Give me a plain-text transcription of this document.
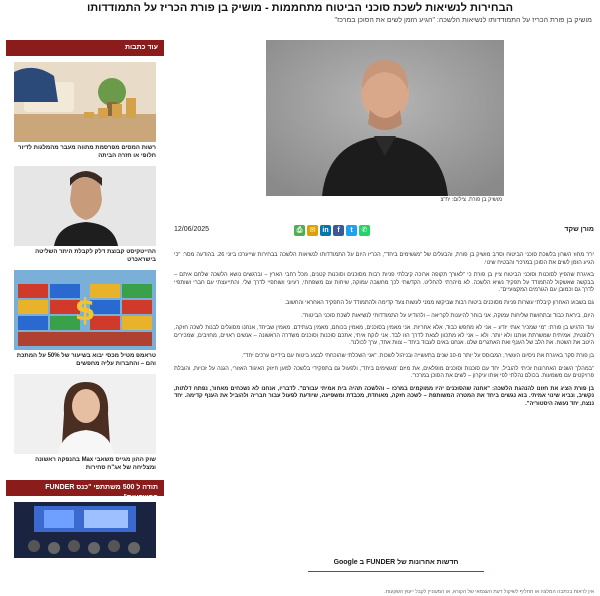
הבחירות לנשיאות לשכת סוכני הביטוח מתחממות - מושיק בן פורת הכריז על התמודדותו
מושיק בן פורת הכריז על התמודדותו לנשיאות הלשכה: "הגיע הזמן לשים את הסוכן במרכז"
עוד כתבות
רשות המסים מפרסמת מתווה מעבר מהמלגות לדיור חלופי או חזרה הביתה
ההייטקיסט קבוצת דלק לקבלת היתר השליטה בישראכרט
$
טראמפ מטיל מכסי יבוא בשיעור של 50% על המתכת והם – והחברות עליה מחפשים
שוק ההון מגייס משאבי Max בהנפקה ראשונה ומצליחה של אג"ח סחירות
תודה ל 500 משתתפי "כנס FUNDER ההשקעות"
מושיק בן פורת. צילום: יח"צ
מורן שקד
⎙	✉ in	f	t	✆
12/06/2025

יו"ר מחוז השרון בלשכת סוכני הביטוח וסו"ב מושיק בן פורת, והבעלים של "מגשימים ביחד", הכריז היום על התמודדותו לנשיאות הלשכה בבחירות שייערכו ביוני 26. בהודעה מסר: "כי הגיע הזמן לשים את הסוכן במרכז" והבטיח שינוי.

באיגרת שהפיץ לסוכנות וסוכני הביטוח ציין בן פורת כי "לאורך תקופה ארוכה קיבלתי פניות רבות מסוכנים וסוכנות קטנים, מכל רחבי הארץ – וברגשים נושא הלשכה שלחם איתם – בבקשה שאשקול להתמודד על תפקיד נשיא הלשכה. לא מיהרתי להחליט. הקדשתי לכך מחשבה עמוקה, שיחות עם משפחתי, רעיוני ושותפיי לדרך שלי. והתייעצתי עם חברי ושותפיי לדרך גם וכמובן עם הגורמים המקצועיים".

גם בשבוע האחרון קיבלתי עשרות פניות מסוכנים ביטוח רבות שביקשו ממני לעשות צעד קדימה ולהתמודד על התפקיד האחראי והחשוב.

היום, ביראת כבוד ובתחושת שליחות עמוקה, אני בוחר להיענות לקריאה – ולהודיע על התמודדותי לנשיאות לשכת סוכני הביטוח".

עוד הדגיש בן פורת: "מי שמכיר אותי יודע – אני לא מחפש כבוד, אלא אחריות. אני מאמין בסוכנים, מאמין בכוחם, מאמין בעתידם. מאמין שביחד, אנחנו מסוגלים לבנות לשכה חזקה, רלוונטית, אמיתית שמשרתת אותנו ולא יותר. ולא – אני לא מתכוון לצאת לדרך הזו לבד. אני לוקח איתי, אתכם סוכנות וסוכנים משדרה הראשונה – אנשים ראויים, מחויבים, שמכירים היטב את השטח. את הלב של הענף ואת האתגרים שלנו. אנחנו באים לעבוד ביחד – צוות אחד, ערך לכולנו".

בן פורת סקר באיגרת את ניסיונו העשיר, המבוסס על יותר מ-10 שנים בתעשייה ובניהול לשכות. "אני השכלתי שהוכחתי לבצע ביטוח עם בידיים ערכים יחד".

"במהלך השנים האחרונות זכיתי להוביל, יחד עם סוכנות וסוכנים מופלאים, את מיזם 'מגשימים ביחד', ולפעול גם בתפקידי בלשכה למען חיזוק האיגוד האזורי, הגנה על זכויות, והובלת פרויקטים עם משמעות. בכולם נהלתי לפי אותו עיקרון – לשים את הסוכן במרכז".

בן פורת הציג את חזונו להנהגת הלשכה: "אחנה שהסוכנים יהיו ממוקמים במרכז – והלשכה תהיה בית אמיתי עבורם". לדבריו, אנחנו לא נשכחים מאחור, נפתח דלתות, נקשיב, ונביא שינוי אמיתי. בוא נגשים ביחד את המטרה המשותפת – לשכה חזקה, מאוחדת, מכבדת ומשפיעה, שיודעת לפעול עבור חבריה ולהוביל את הענף קדימה. יחד ננצח, יחד נעשה היסטוריה".

חדשות אחרונות של FUNDER ב Google
אין לראות בכתבה המלצה או תחליף לשיקול דעת העצמאי של הקורא, או המעוניין לקבל ייעוץ השקעות.
